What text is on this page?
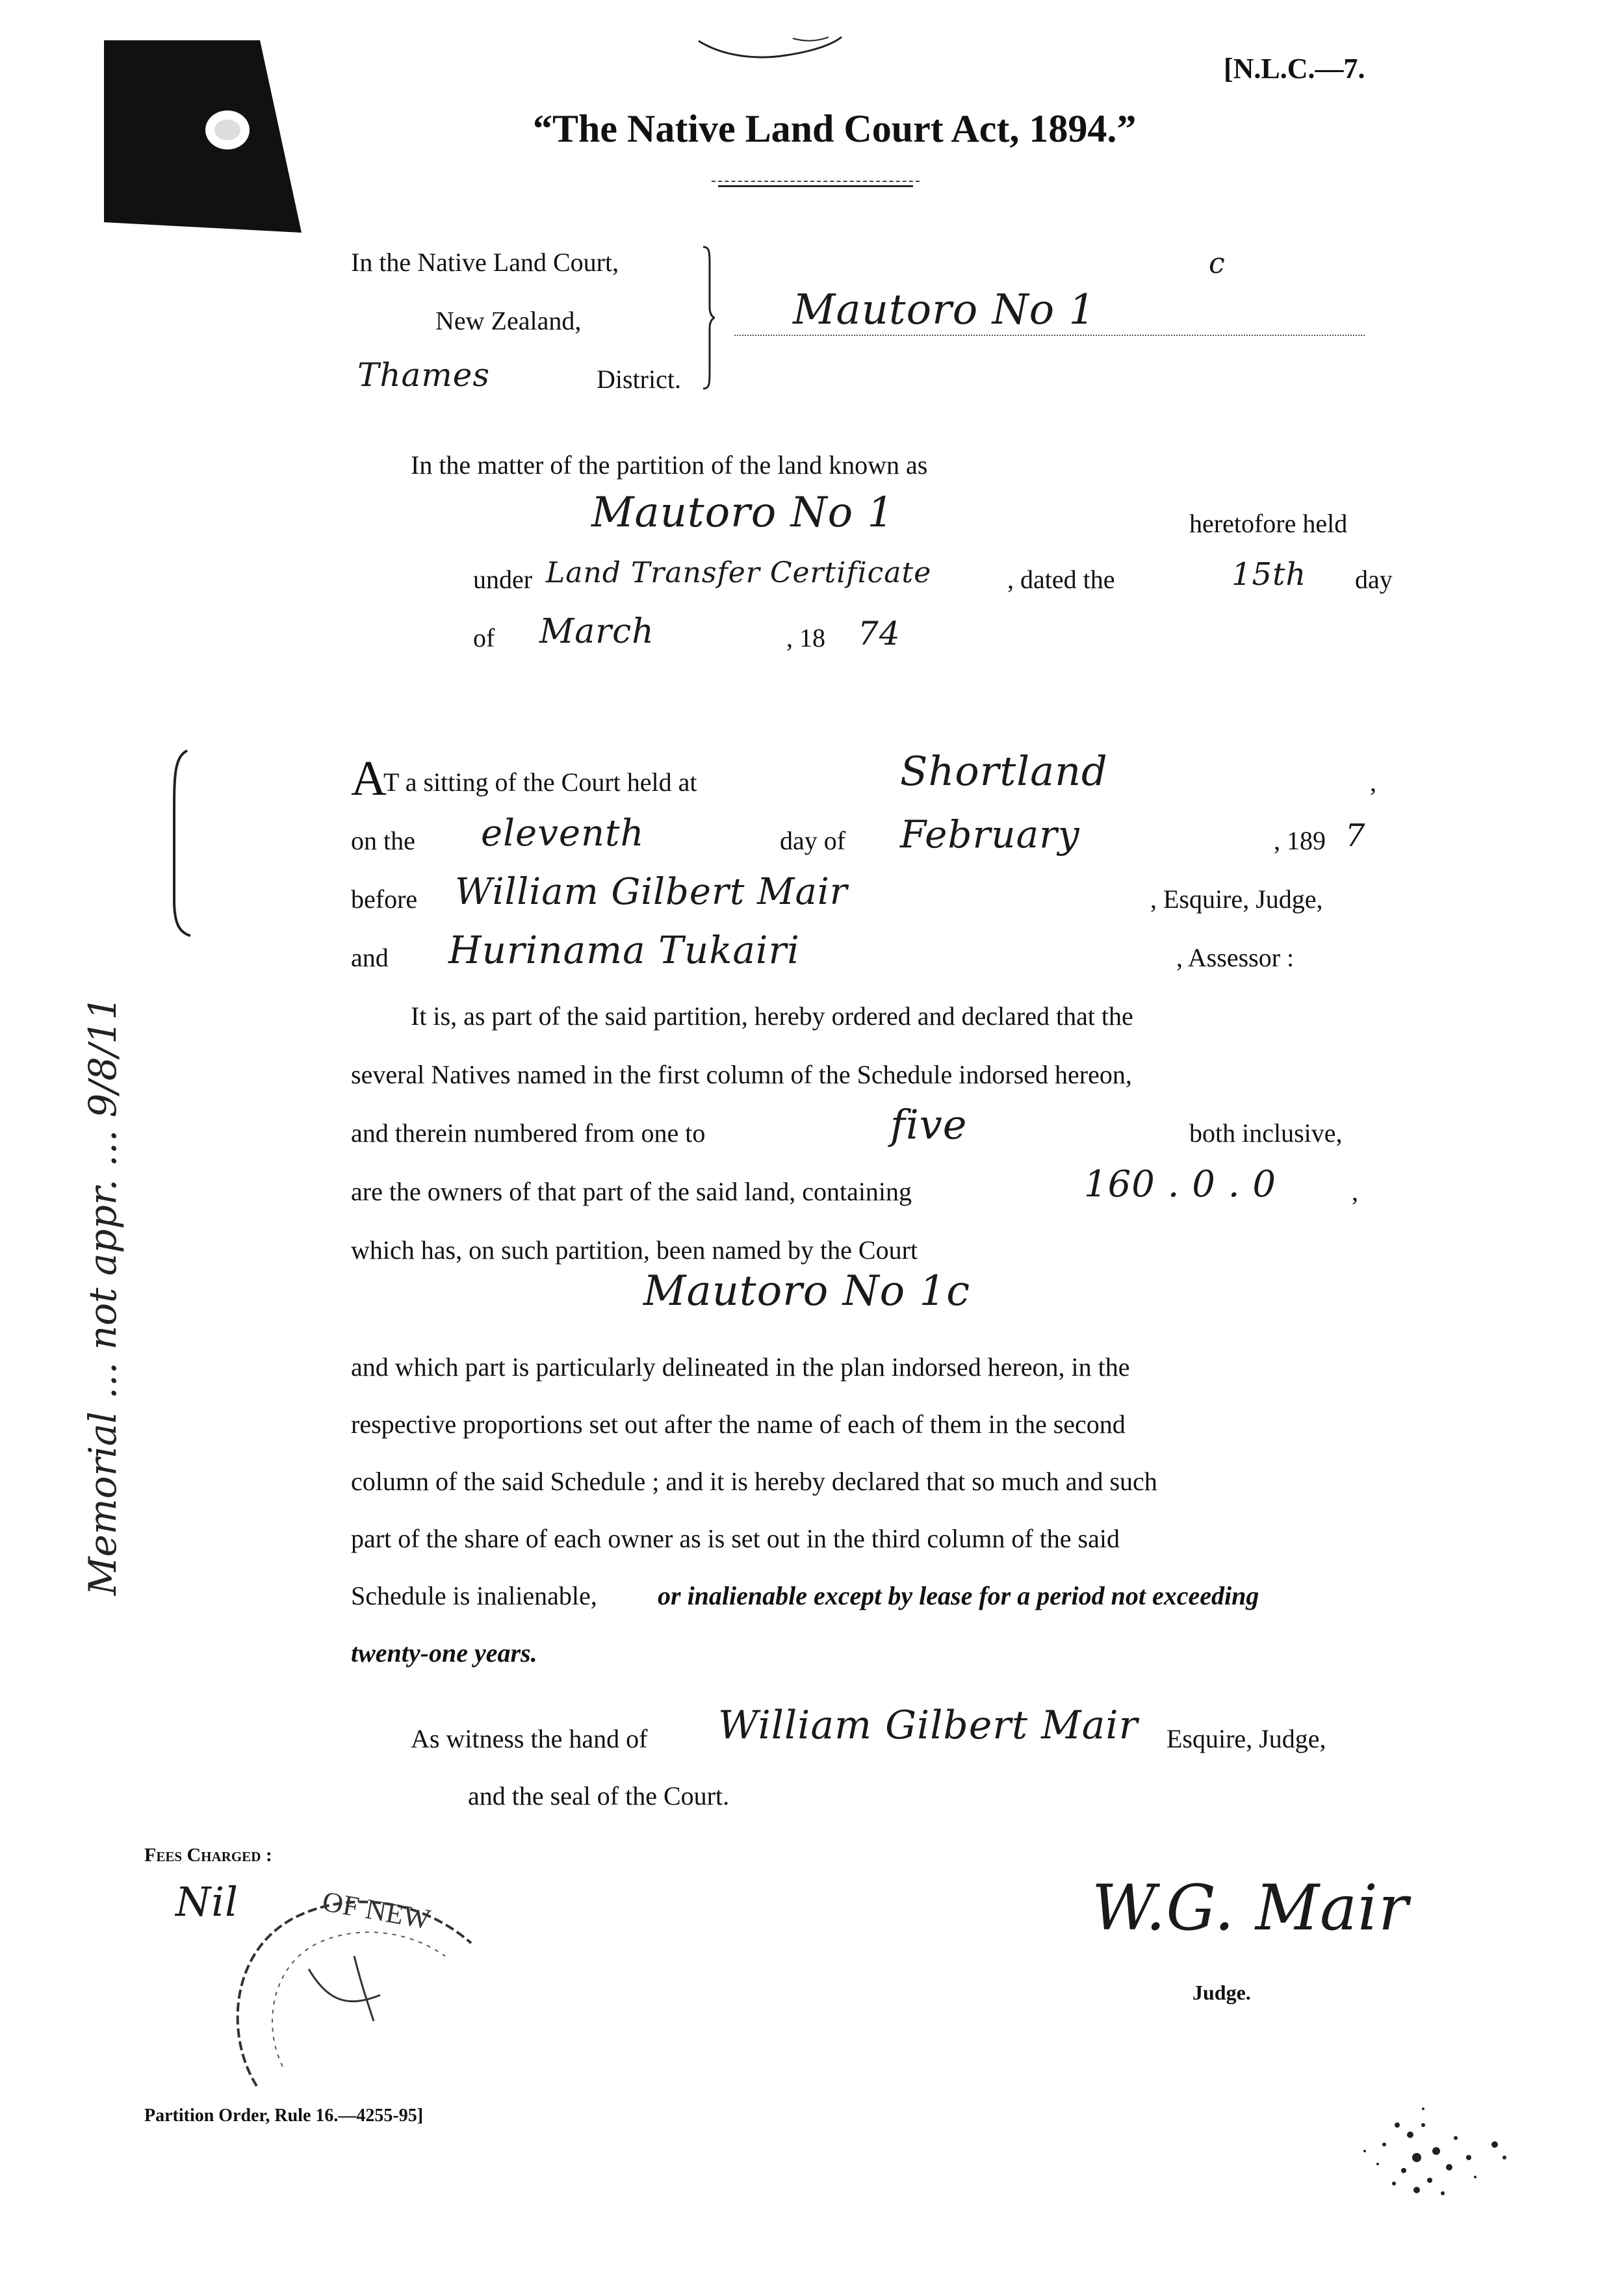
[N.L.C.—7.
“The Native Land Court Act, 1894.”
In the Native Land Court,
New Zealand,
Thames	District.
Mautoro No 1
c
In the matter of the partition of the land known as
Mautoro No 1	heretofore held
under Land Transfer Certificate	, dated the	15th day
of March	, 18 74
A
T a sitting of the Court held at	Shortland	,
on the eleventh	day of February	, 189 7
before William Gilbert Mair	, Esquire, Judge,
and Hurinama Tukairi	, Assessor :
It is, as part of the said partition, hereby ordered and declared that the
several Natives named in the first column of the Schedule indorsed hereon,
and therein numbered from one to	five	both inclusive,
are the owners of that part of the said land, containing	160 . 0 . 0	,
which has, on such partition, been named by the Court
Mautoro No 1c
and which part is particularly delineated in the plan indorsed hereon, in the
respective proportions set out after the name of each of them in the second
column of the said Schedule ; and it is hereby declared that so much and such
part of the share of each owner as is set out in the third column of the said
Schedule is inalienable, or inalienable except by lease for a period not exceeding
twenty-one years.
As witness the hand of William Gilbert Mair Esquire, Judge,
and the seal of the Court.
Fees Charged :
Nil	OF NEW	W.G. Mair
Judge.
Partition Order, Rule 16.—4255-95]
Memorial … not appr. … 9/8/11
